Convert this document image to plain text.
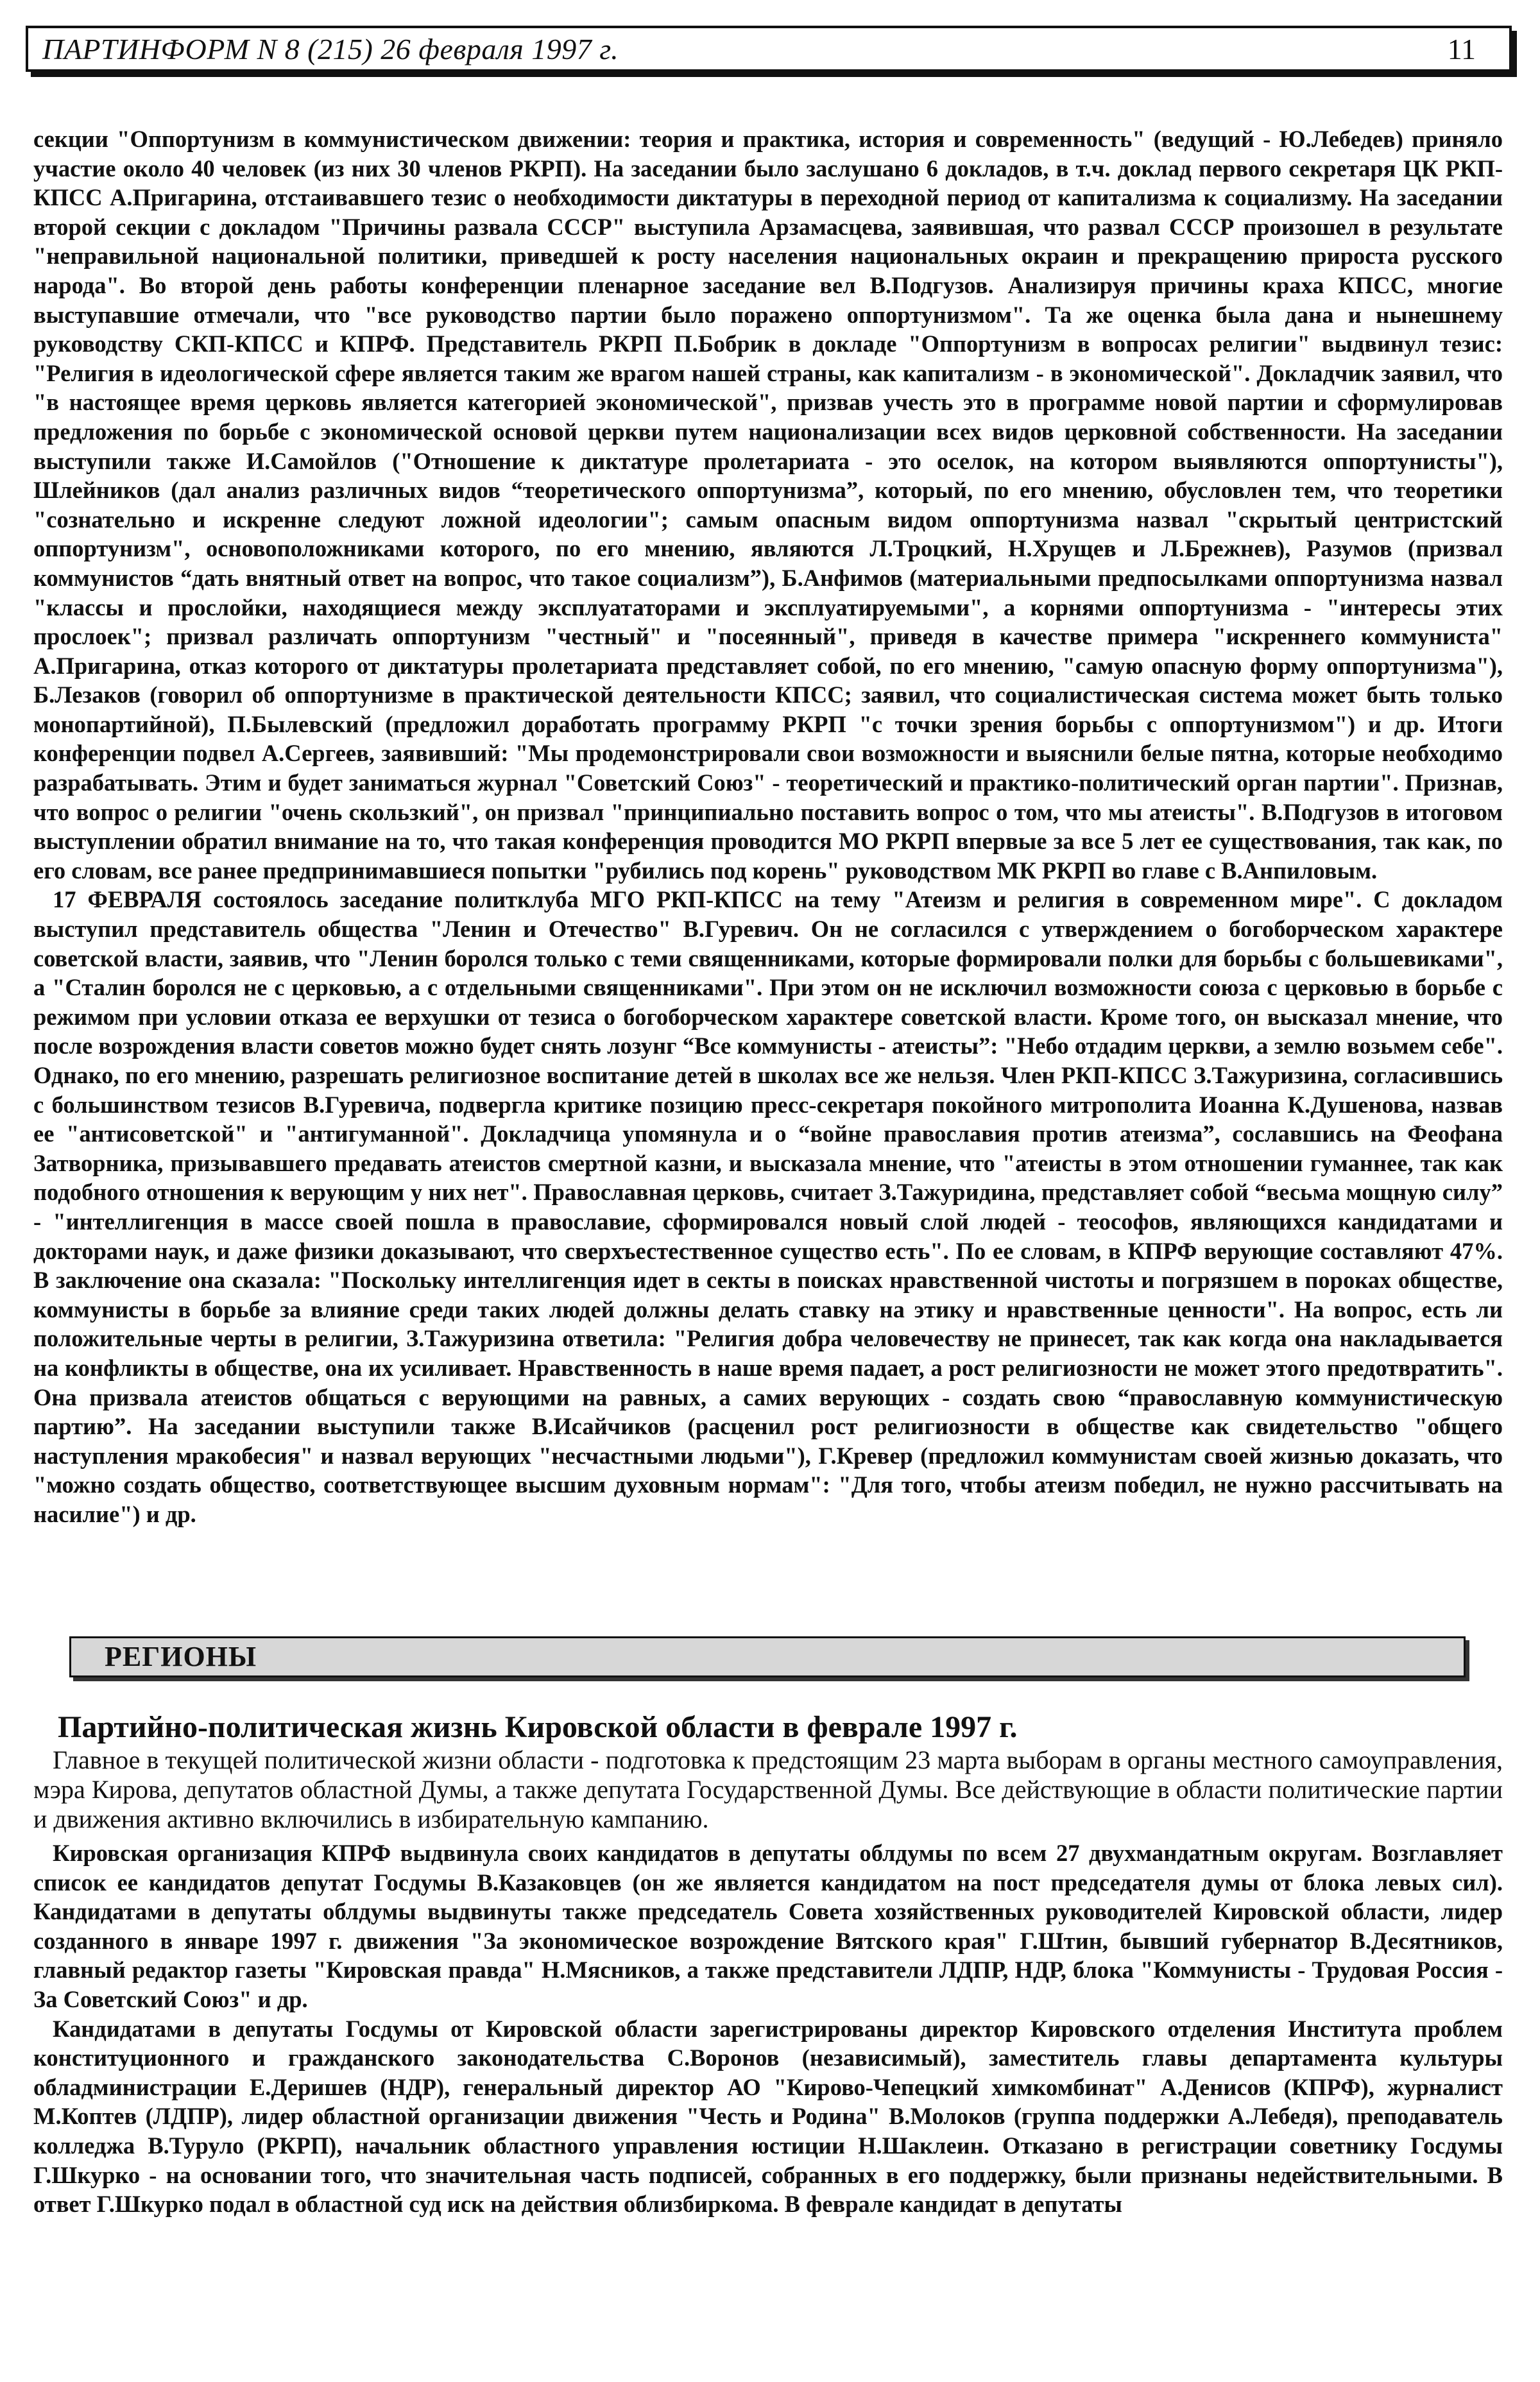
ПАРТИНФОРМ N 8 (215) 26 февраля 1997 г.	11

секции "Оппортунизм в коммунистическом движении: теория и практика, история и современность" (ведущий - Ю.Лебедев) приняло участие около 40 человек (из них 30 членов РКРП). На заседании было заслушано 6 докладов, в т.ч. доклад первого секретаря ЦК РКП-КПСС А.Пригарина, отстаивавшего тезис о необходимости диктатуры в переходной период от капитализма к социализму. На заседании второй секции с докладом "Причины развала СССР" выступила Арзамасцева, заявившая, что развал СССР произошел в результате "неправильной национальной политики, приведшей к росту населения национальных окраин и прекращению прироста русского народа". Во второй день работы конференции пленарное заседание вел В.Подгузов. Анализируя причины краха КПСС, многие выступавшие отмечали, что "все руководство партии было поражено оппортунизмом". Та же оценка была дана и нынешнему руководству СКП-КПСС и КПРФ. Представитель РКРП П.Бобрик в докладе "Оппортунизм в вопросах религии" выдвинул тезис: "Религия в идеологической сфере является таким же врагом нашей страны, как капитализм - в экономической". Докладчик заявил, что "в настоящее время церковь является категорией экономической", призвав учесть это в программе новой партии и сформулировав предложения по борьбе с экономической основой церкви путем национализации всех видов церковной собственности. На заседании выступили также И.Самойлов ("Отношение к диктатуре пролетариата - это оселок, на котором выявляются оппортунисты"), Шлейников (дал анализ различных видов “теоретического оппортунизма”, который, по его мнению, обусловлен тем, что теоретики "сознательно и искренне следуют ложной идеологии"; самым опасным видом оппортунизма назвал "скрытый центристский оппортунизм", основоположниками которого, по его мнению, являются Л.Троцкий, Н.Хрущев и Л.Брежнев), Разумов (призвал коммунистов “дать внятный ответ на вопрос, что такое социализм”), Б.Анфимов (материальными предпосылками оппортунизма назвал "классы и прослойки, находящиеся между эксплуататорами и эксплуатируемыми", а корнями оппортунизма - "интересы этих прослоек"; призвал различать оппортунизм "честный" и "посеянный", приведя в качестве примера "искреннего коммуниста" А.Пригарина, отказ которого от диктатуры пролетариата представляет собой, по его мнению, "самую опасную форму оппортунизма"), Б.Лезаков (говорил об оппортунизме в практической деятельности КПСС; заявил, что социалистическая система может быть только монопартийной), П.Былевский (предложил доработать программу РКРП "с точки зрения борьбы с оппортунизмом") и др. Итоги конференции подвел А.Сергеев, заявивший: "Мы продемонстрировали свои возможности и выяснили белые пятна, которые необходимо разрабатывать. Этим и будет заниматься журнал "Советский Союз" - теоретический и практико-политический орган партии". Признав, что вопрос о религии "очень скользкий", он призвал "принципиально поставить вопрос о том, что мы атеисты". В.Подгузов в итоговом выступлении обратил внимание на то, что такая конференция проводится МО РКРП впервые за все 5 лет ее существования, так как, по его словам, все ранее предпринимавшиеся попытки "рубились под корень" руководством МК РКРП во главе с В.Анпиловым.

17 ФЕВРАЛЯ состоялось заседание политклуба МГО РКП-КПСС на тему "Атеизм и религия в современном мире". С докладом выступил представитель общества "Ленин и Отечество" В.Гуревич. Он не согласился с утверждением о богоборческом характере советской власти, заявив, что "Ленин боролся только с теми священниками, которые формировали полки для борьбы с большевиками", а "Сталин боролся не с церковью, а с отдельными священниками". При этом он не исключил возможности союза с церковью в борьбе с режимом при условии отказа ее верхушки от тезиса о богоборческом характере советской власти. Кроме того, он высказал мнение, что после возрождения власти советов можно будет снять лозунг “Все коммунисты - атеисты”: "Небо отдадим церкви, а землю возьмем себе". Однако, по его мнению, разрешать религиозное воспитание детей в школах все же нельзя. Член РКП-КПСС З.Тажуризина, согласившись с большинством тезисов В.Гуревича, подвергла критике позицию пресс-секретаря покойного митрополита Иоанна К.Душенова, назвав ее "антисоветской" и "антигуманной". Докладчица упомянула и о “войне православия против атеизма”, сославшись на Феофана Затворника, призывавшего предавать атеистов смертной казни, и высказала мнение, что "атеисты в этом отношении гуманнее, так как подобного отношения к верующим у них нет". Православная церковь, считает З.Тажуридина, представляет собой “весьма мощную силу” - "интеллигенция в массе своей пошла в православие, сформировался новый слой людей - теософов, являющихся кандидатами и докторами наук, и даже физики доказывают, что сверхъестественное существо есть". По ее словам, в КПРФ верующие составляют 47%. В заключение она сказала: "Поскольку интеллигенция идет в секты в поисках нравственной чистоты и погрязшем в пороках обществе, коммунисты в борьбе за влияние среди таких людей должны делать ставку на этику и нравственные ценности". На вопрос, есть ли положительные черты в религии, З.Тажуризина ответила: "Религия добра человечеству не принесет, так как когда она накладывается на конфликты в обществе, она их усиливает. Нравственность в наше время падает, а рост религиозности не может этого предотвратить". Она призвала атеистов общаться с верующими на равных, а самих верующих - создать свою “православную коммунистическую партию”. На заседании выступили также В.Исайчиков (расценил рост религиозности в обществе как свидетельство "общего наступления мракобесия" и назвал верующих "несчастными людьми"), Г.Кревер (предложил коммунистам своей жизнью доказать, что "можно создать общество, соответствующее высшим духовным нормам": "Для того, чтобы атеизм победил, не нужно рассчитывать на насилие") и др.

РЕГИОНЫ
Партийно-политическая жизнь Кировской области в феврале 1997 г.

Главное в текущей политической жизни области - подготовка к предстоящим 23 марта выборам в органы местного самоуправления, мэра Кирова, депутатов областной Думы, а также депутата Государственной Думы. Все действующие в области политические партии и движения активно включились в избирательную кампанию.

Кировская организация КПРФ выдвинула своих кандидатов в депутаты облдумы по всем 27 двухмандатным округам. Возглавляет список ее кандидатов депутат Госдумы В.Казаковцев (он же является кандидатом на пост председателя думы от блока левых сил). Кандидатами в депутаты облдумы выдвинуты также председатель Совета хозяйственных руководителей Кировской области, лидер созданного в январе 1997 г. движения "За экономическое возрождение Вятского края" Г.Штин, бывший губернатор В.Десятников, главный редактор газеты "Кировская правда" Н.Мясников, а также представители ЛДПР, НДР, блока "Коммунисты - Трудовая Россия - За Советский Союз" и др.

Кандидатами в депутаты Госдумы от Кировской области зарегистрированы директор Кировского отделения Института проблем конституционного и гражданского законодательства С.Воронов (независимый), заместитель главы департамента культуры обладминистрации Е.Деришев (НДР), генеральный директор АО "Кирово-Чепецкий химкомбинат" А.Денисов (КПРФ), журналист М.Коптев (ЛДПР), лидер областной организации движения "Честь и Родина" В.Молоков (группа поддержки А.Лебедя), преподаватель колледжа В.Туруло (РКРП), начальник областного управления юстиции Н.Шаклеин. Отказано в регистрации советнику Госдумы Г.Шкурко - на основании того, что значительная часть подписей, собранных в его поддержку, были признаны недействительными. В ответ Г.Шкурко подал в областной суд иск на действия облизбиркома. В феврале кандидат в депутаты
